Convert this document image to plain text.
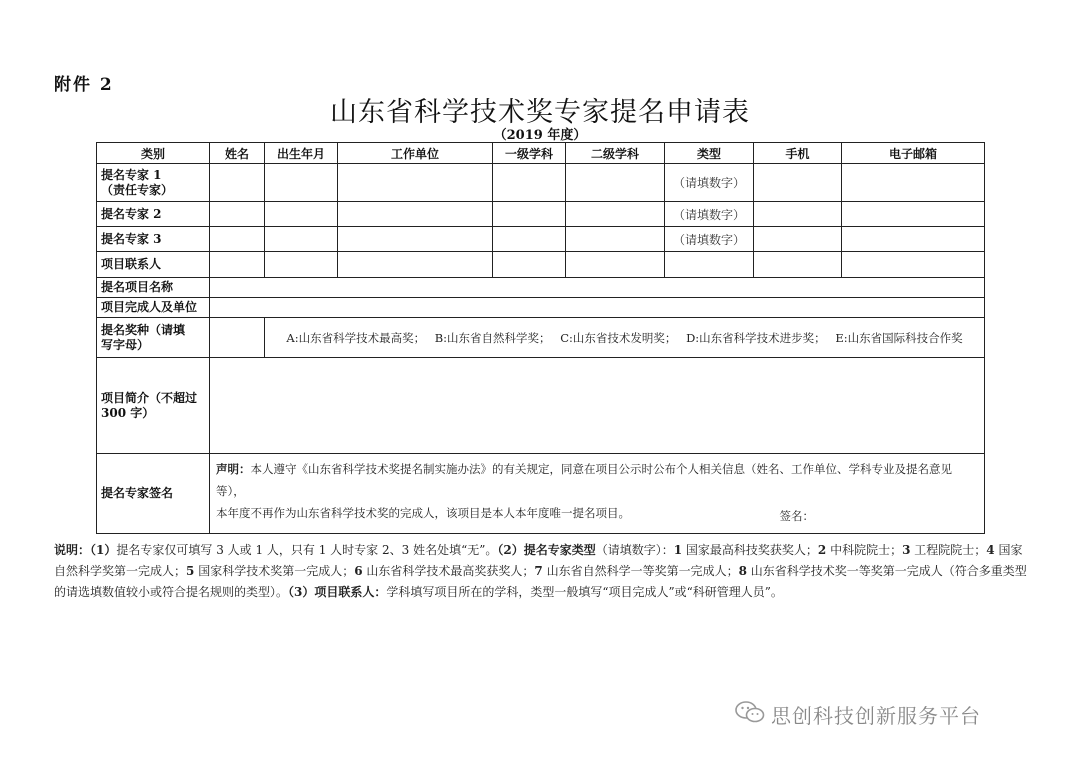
附件 2
山东省科学技术奖专家提名申请表
（2019 年度）
类别	姓名	出生年月	工作单位	一级学科	二级学科	类型	手机	电子邮箱
提名专家 1
（责任专家）						（请填数字）		
提名专家 2						（请填数字）		
提名专家 3						（请填数字）		
项目联系人								
提名项目名称								
项目完成人及单位								
提名奖种（请填
写字母）		A:山东省科学技术最高奖； B:山东省自然科学奖； C:山东省技术发明奖； D:山东省科学技术进步奖； E:山东省国际科技合作奖						
项目简介（不超过
300 字）								
提名专家签名	声明：本人遵守《山东省科学技术奖提名制实施办法》的有关规定，同意在项目公示时公布个人相关信息（姓名、工作单位、学科专业及提名意见等），
本年度不再作为山东省科学技术奖的完成人，该项目是本人本年度唯一提名项目。 签名：							
说明：（1）提名专家仅可填写 3 人或 1 人，只有 1 人时专家 2、3 姓名处填“无”。（2）提名专家类型（请填数字）：1 国家最高科技奖获奖人；2 中科院院士；3 工程院院士；4 国家自然科学奖第一完成人；5 国家科学技术奖第一完成人；6 山东省科学技术最高奖获奖人；7 山东省自然科学一等奖第一完成人；8 山东省科学技术奖一等奖第一完成人（符合多重类型的请选填数值较小或符合提名规则的类型）。（3）项目联系人：学科填写项目所在的学科，类型一般填写“项目完成人”或“科研管理人员”。
思创科技创新服务平台
